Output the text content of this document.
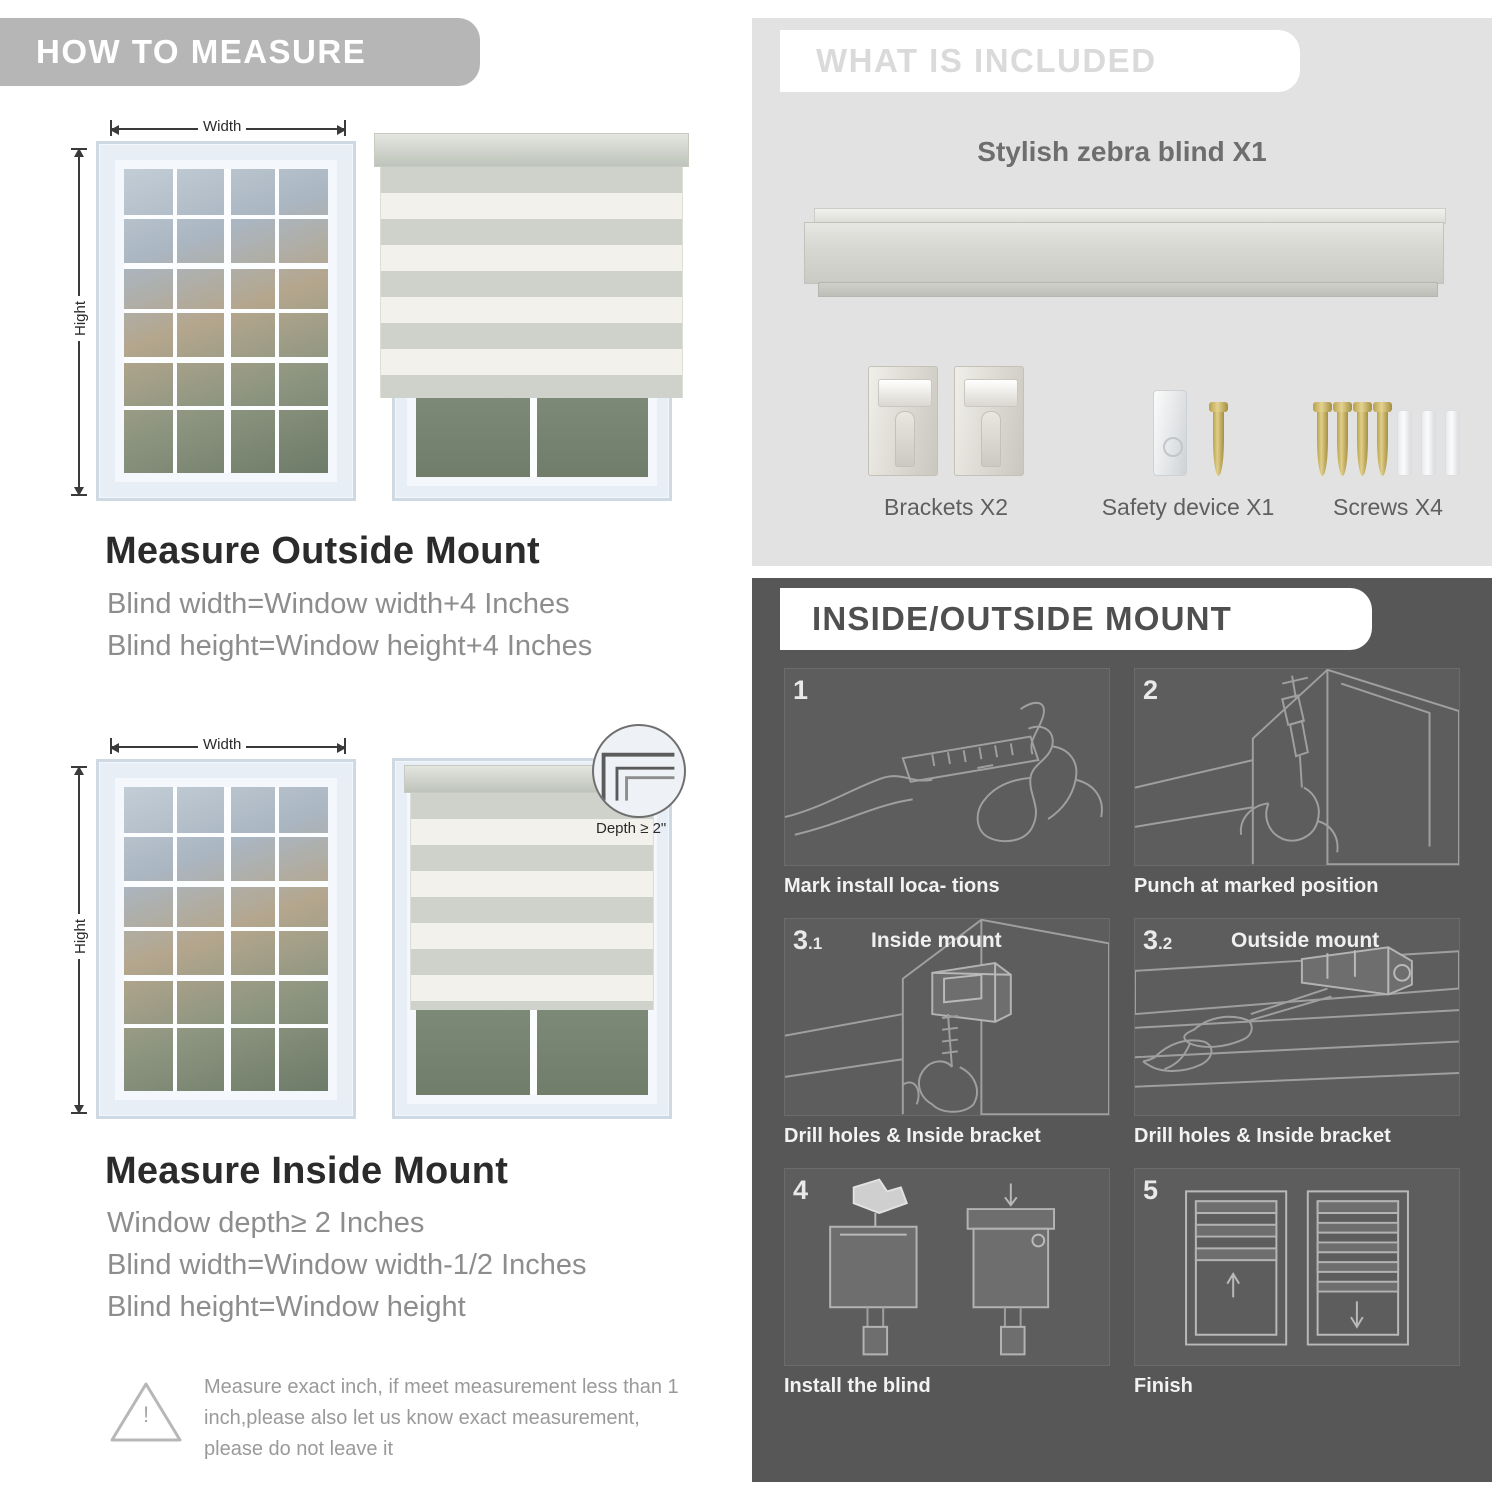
HOW TO MEASURE
Width
Hight
Measure Outside Mount
Blind width=Window width+4 Inches
Blind height=Window height+4 Inches
Width
Hight
Depth ≥ 2"
Measure Inside Mount
Window depth≥ 2 Inches
Blind width=Window width-1/2 Inches
Blind height=Window height
!
Measure exact inch, if meet measurement less than 1 inch,please also let us know exact measurement, please do not leave it
WHAT IS INCLUDED
Stylish zebra blind X1
Brackets X2	Safety device X1	Screws X4
INSIDE/OUTSIDE MOUNT
1
Mark install loca- tions
2
Punch at marked position
3.1 Inside mount
Drill holes & Inside bracket
3.2	Outside mount
Drill holes & Inside bracket
4
Install the blind
5
Finish
